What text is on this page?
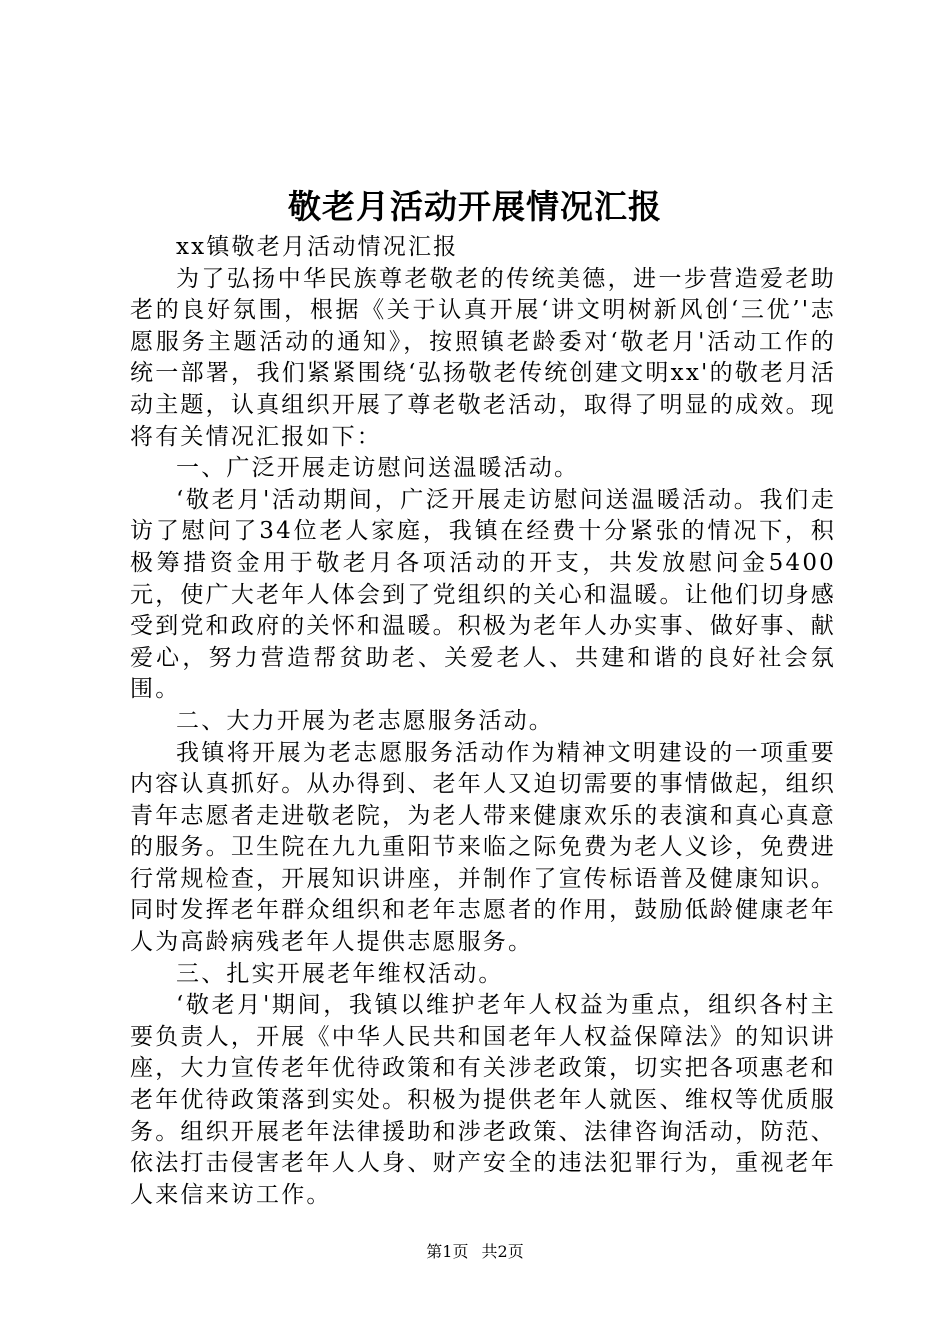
敬老月活动开展情况汇报

xx镇敬老月活动情况汇报

为了弘扬中华民族尊老敬老的传统美德，进一步营造爱老助老的良好氛围，根据《关于认真开展‘讲文明树新风创‘三优’'志愿服务主题活动的通知》，按照镇老龄委对‘敬老月'活动工作的统一部署，我们紧紧围绕‘弘扬敬老传统创建文明xx'的敬老月活动主题，认真组织开展了尊老敬老活动，取得了明显的成效。现将有关情况汇报如下：

一、广泛开展走访慰问送温暖活动。

‘敬老月'活动期间，广泛开展走访慰问送温暖活动。我们走访了慰问了34位老人家庭，我镇在经费十分紧张的情况下，积极筹措资金用于敬老月各项活动的开支，共发放慰问金5400元，使广大老年人体会到了党组织的关心和温暖。让他们切身感受到党和政府的关怀和温暖。积极为老年人办实事、做好事、献爱心，努力营造帮贫助老、关爱老人、共建和谐的良好社会氛围。

二、大力开展为老志愿服务活动。

我镇将开展为老志愿服务活动作为精神文明建设的一项重要内容认真抓好。从办得到、老年人又迫切需要的事情做起，组织青年志愿者走进敬老院，为老人带来健康欢乐的表演和真心真意的服务。卫生院在九九重阳节来临之际免费为老人义诊，免费进行常规检查，开展知识讲座，并制作了宣传标语普及健康知识。同时发挥老年群众组织和老年志愿者的作用，鼓励低龄健康老年人为高龄病残老年人提供志愿服务。

三、扎实开展老年维权活动。

‘敬老月'期间，我镇以维护老年人权益为重点，组织各村主要负责人，开展《中华人民共和国老年人权益保障法》的知识讲座，大力宣传老年优待政策和有关涉老政策，切实把各项惠老和老年优待政策落到实处。积极为提供老年人就医、维权等优质服务。组织开展老年法律援助和涉老政策、法律咨询活动，防范、依法打击侵害老年人人身、财产安全的违法犯罪行为，重视老年人来信来访工作。

第1页 共2页
